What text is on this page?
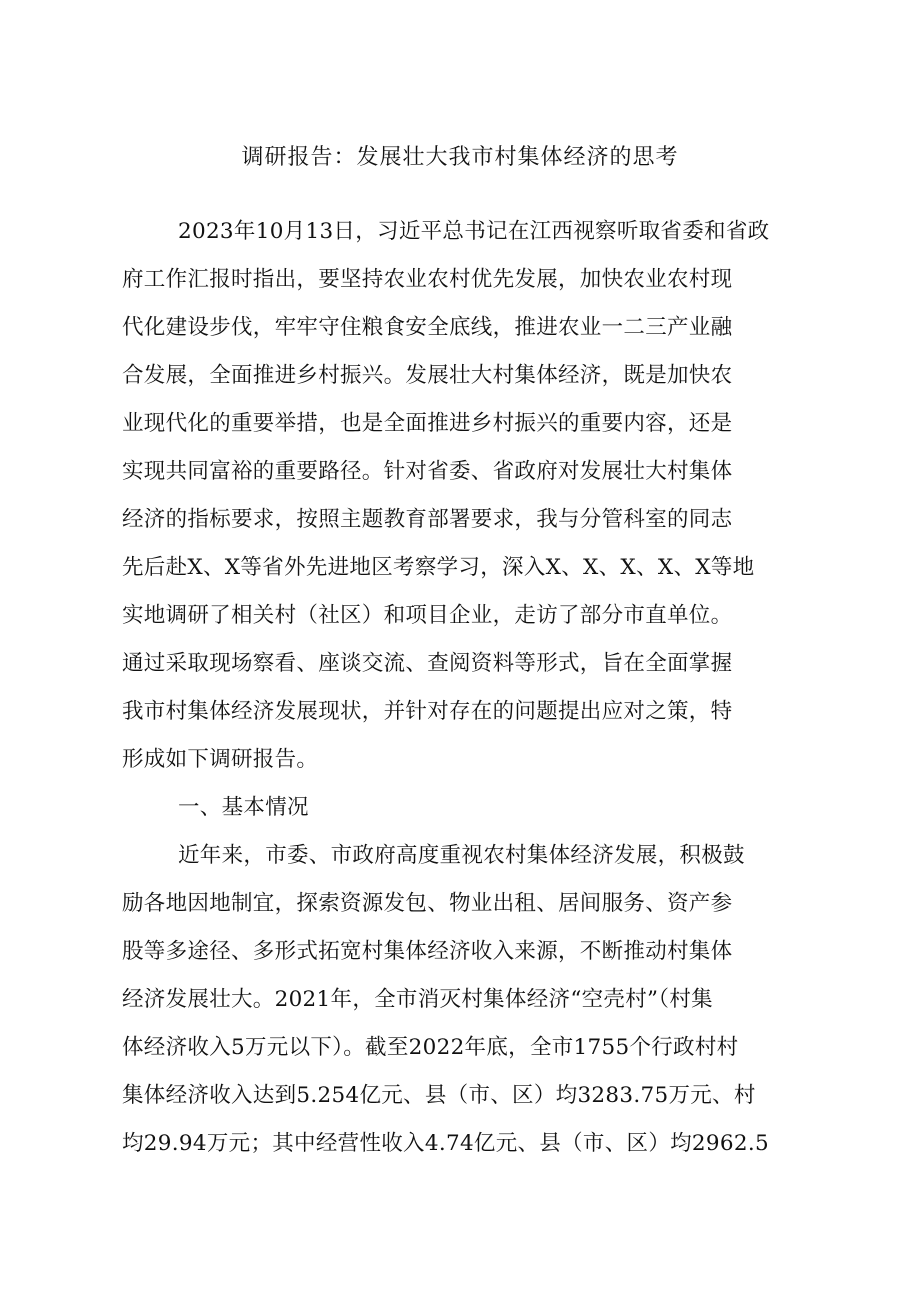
调研报告：发展壮大我市村集体经济的思考
2023年10月13日，习近平总书记在江西视察听取省委和省政
府工作汇报时指出，要坚持农业农村优先发展，加快农业农村现
代化建设步伐，牢牢守住粮食安全底线，推进农业一二三产业融
合发展，全面推进乡村振兴。发展壮大村集体经济，既是加快农
业现代化的重要举措，也是全面推进乡村振兴的重要内容，还是
实现共同富裕的重要路径。针对省委、省政府对发展壮大村集体
经济的指标要求，按照主题教育部署要求，我与分管科室的同志
先后赴X、X等省外先进地区考察学习，深入X、X、X、X、X等地
实地调研了相关村（社区）和项目企业，走访了部分市直单位。
通过采取现场察看、座谈交流、查阅资料等形式，旨在全面掌握
我市村集体经济发展现状，并针对存在的问题提出应对之策，特
形成如下调研报告。
一、基本情况
近年来，市委、市政府高度重视农村集体经济发展，积极鼓
励各地因地制宜，探索资源发包、物业出租、居间服务、资产参
股等多途径、多形式拓宽村集体经济收入来源，不断推动村集体
经济发展壮大。2021年，全市消灭村集体经济“空壳村”（村集
体经济收入5万元以下）。截至2022年底，全市1755个行政村村
集体经济收入达到5.254亿元、县（市、区）均3283.75万元、村
均29.94万元；其中经营性收入4.74亿元、县（市、区）均2962.5
